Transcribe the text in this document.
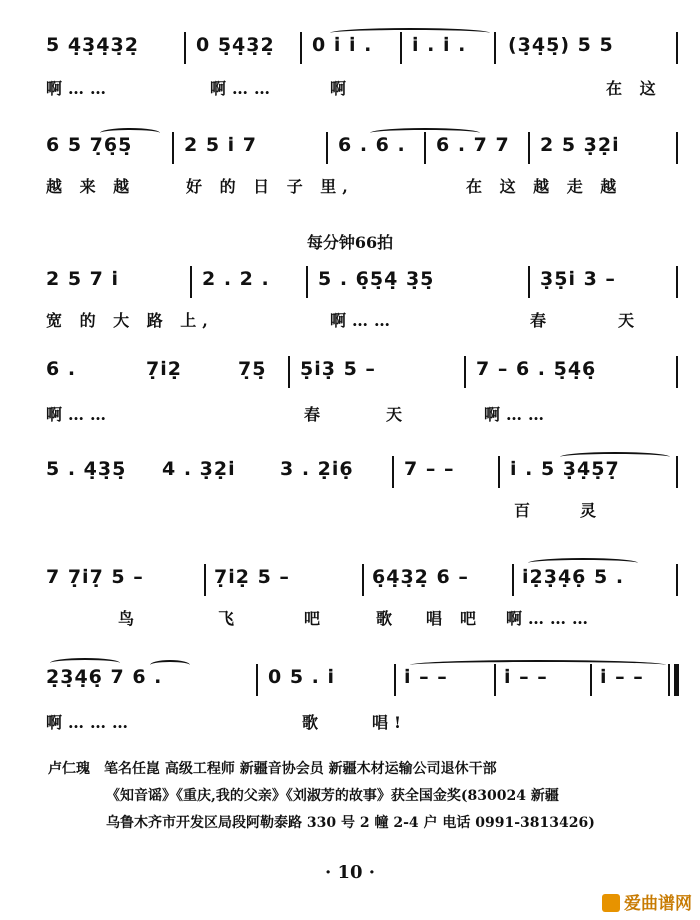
5 4̣3̣4̣3̣2̣	0 5̣4̣3̣2̣ 0 i̇ i̇ . i̇ . i̇ . (3̣4̣5̣) 5 5
啊……	啊……	啊	在 这
6 5 7̣6̣5̣	2 5 i̇ 7	6 . 6 . 6 . 7 7 2 5 3̣2̣i̇
越 来 越	好 的 日 子 里,	在 这 越 走 越
每分钟66拍
2 5 7 i̇	2 . 2 .	5 . 6̣5̣4̣ 3̣5̣	3̣5̣i̇ 3 –
宽 的 大 路 上,	啊……	春	天
6 .	7̣i̇2̣	7̣5̣ 5̣i̇3̣ 5 –	7 – 6 . 5̣4̣6̣
啊……	春	天	啊……
5 . 4̣3̣5̣ 4 . 3̣2̣i̇ 3 . 2̣i̇6̣	7 – –	i̇ . 5 3̣4̣5̣7̣
百	灵
7 7̣i̇7̣ 5 –	7̣i̇2̣ 5 –	6̣4̣3̣2̣ 6 –	i̇2̣3̣4̣6̣ 5 .
鸟	飞	吧	歌 唱 吧 啊………
2̣3̣4̣6̣ 7 6 .	0 5 . i̇	i̇ – –	i̇ – –	i̇ – –
啊………	歌	唱!
卢仁瑰 笔名任崑 高级工程师 新疆音协会员 新疆木材运输公司退休干部
《知音谣》《重庆,我的父亲》《刘淑芳的故事》获全国金奖(830024 新疆
乌鲁木齐市开发区局段阿勒泰路 330 号 2 幢 2-4 户 电话 0991-3813426)
· 10 ·
爱曲谱网
